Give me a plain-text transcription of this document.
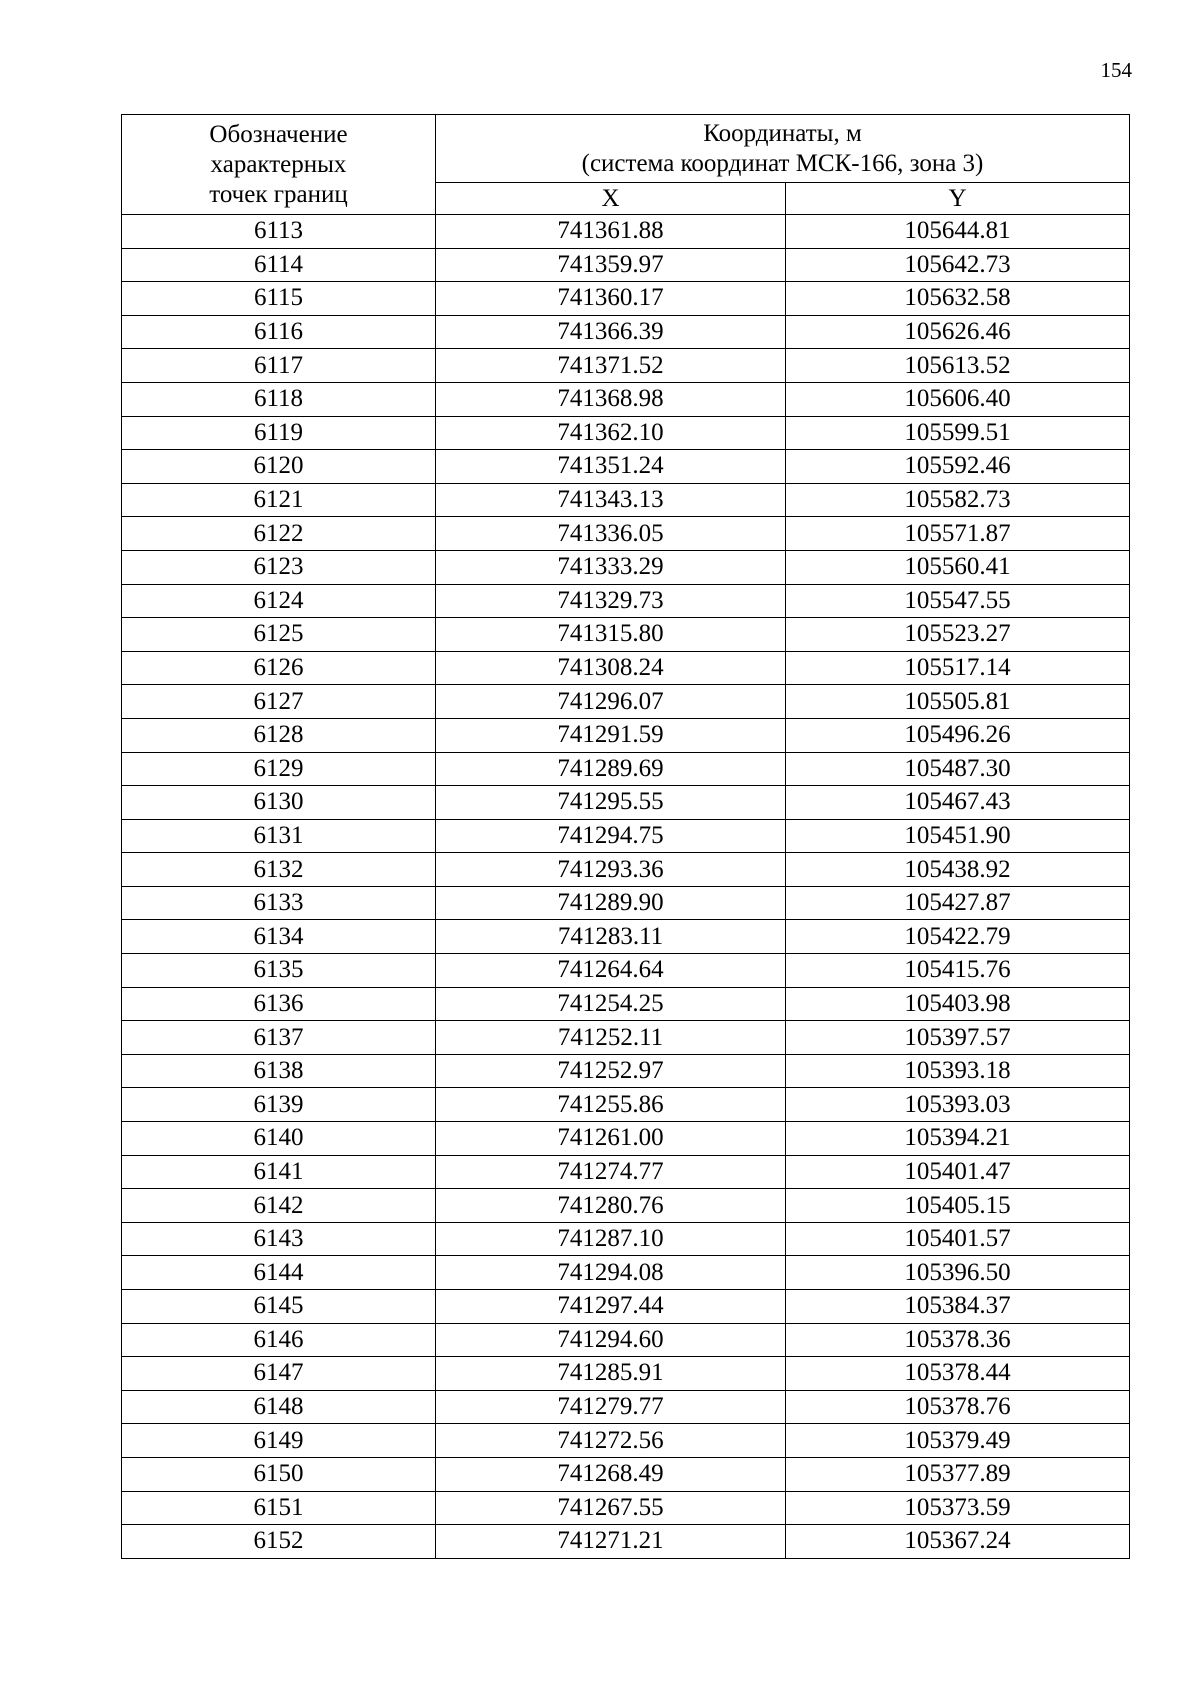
154
Обозначение
характерных
точек границ	Координаты, м
(система координат МСК-166, зона 3)	

	X	Y
6113	741361.88	105644.81
6114	741359.97	105642.73
6115	741360.17	105632.58
6116	741366.39	105626.46
6117	741371.52	105613.52
6118	741368.98	105606.40
6119	741362.10	105599.51
6120	741351.24	105592.46
6121	741343.13	105582.73
6122	741336.05	105571.87
6123	741333.29	105560.41
6124	741329.73	105547.55
6125	741315.80	105523.27
6126	741308.24	105517.14
6127	741296.07	105505.81
6128	741291.59	105496.26
6129	741289.69	105487.30
6130	741295.55	105467.43
6131	741294.75	105451.90
6132	741293.36	105438.92
6133	741289.90	105427.87
6134	741283.11	105422.79
6135	741264.64	105415.76
6136	741254.25	105403.98
6137	741252.11	105397.57
6138	741252.97	105393.18
6139	741255.86	105393.03
6140	741261.00	105394.21
6141	741274.77	105401.47
6142	741280.76	105405.15
6143	741287.10	105401.57
6144	741294.08	105396.50
6145	741297.44	105384.37
6146	741294.60	105378.36
6147	741285.91	105378.44
6148	741279.77	105378.76
6149	741272.56	105379.49
6150	741268.49	105377.89
6151	741267.55	105373.59
6152	741271.21	105367.24
